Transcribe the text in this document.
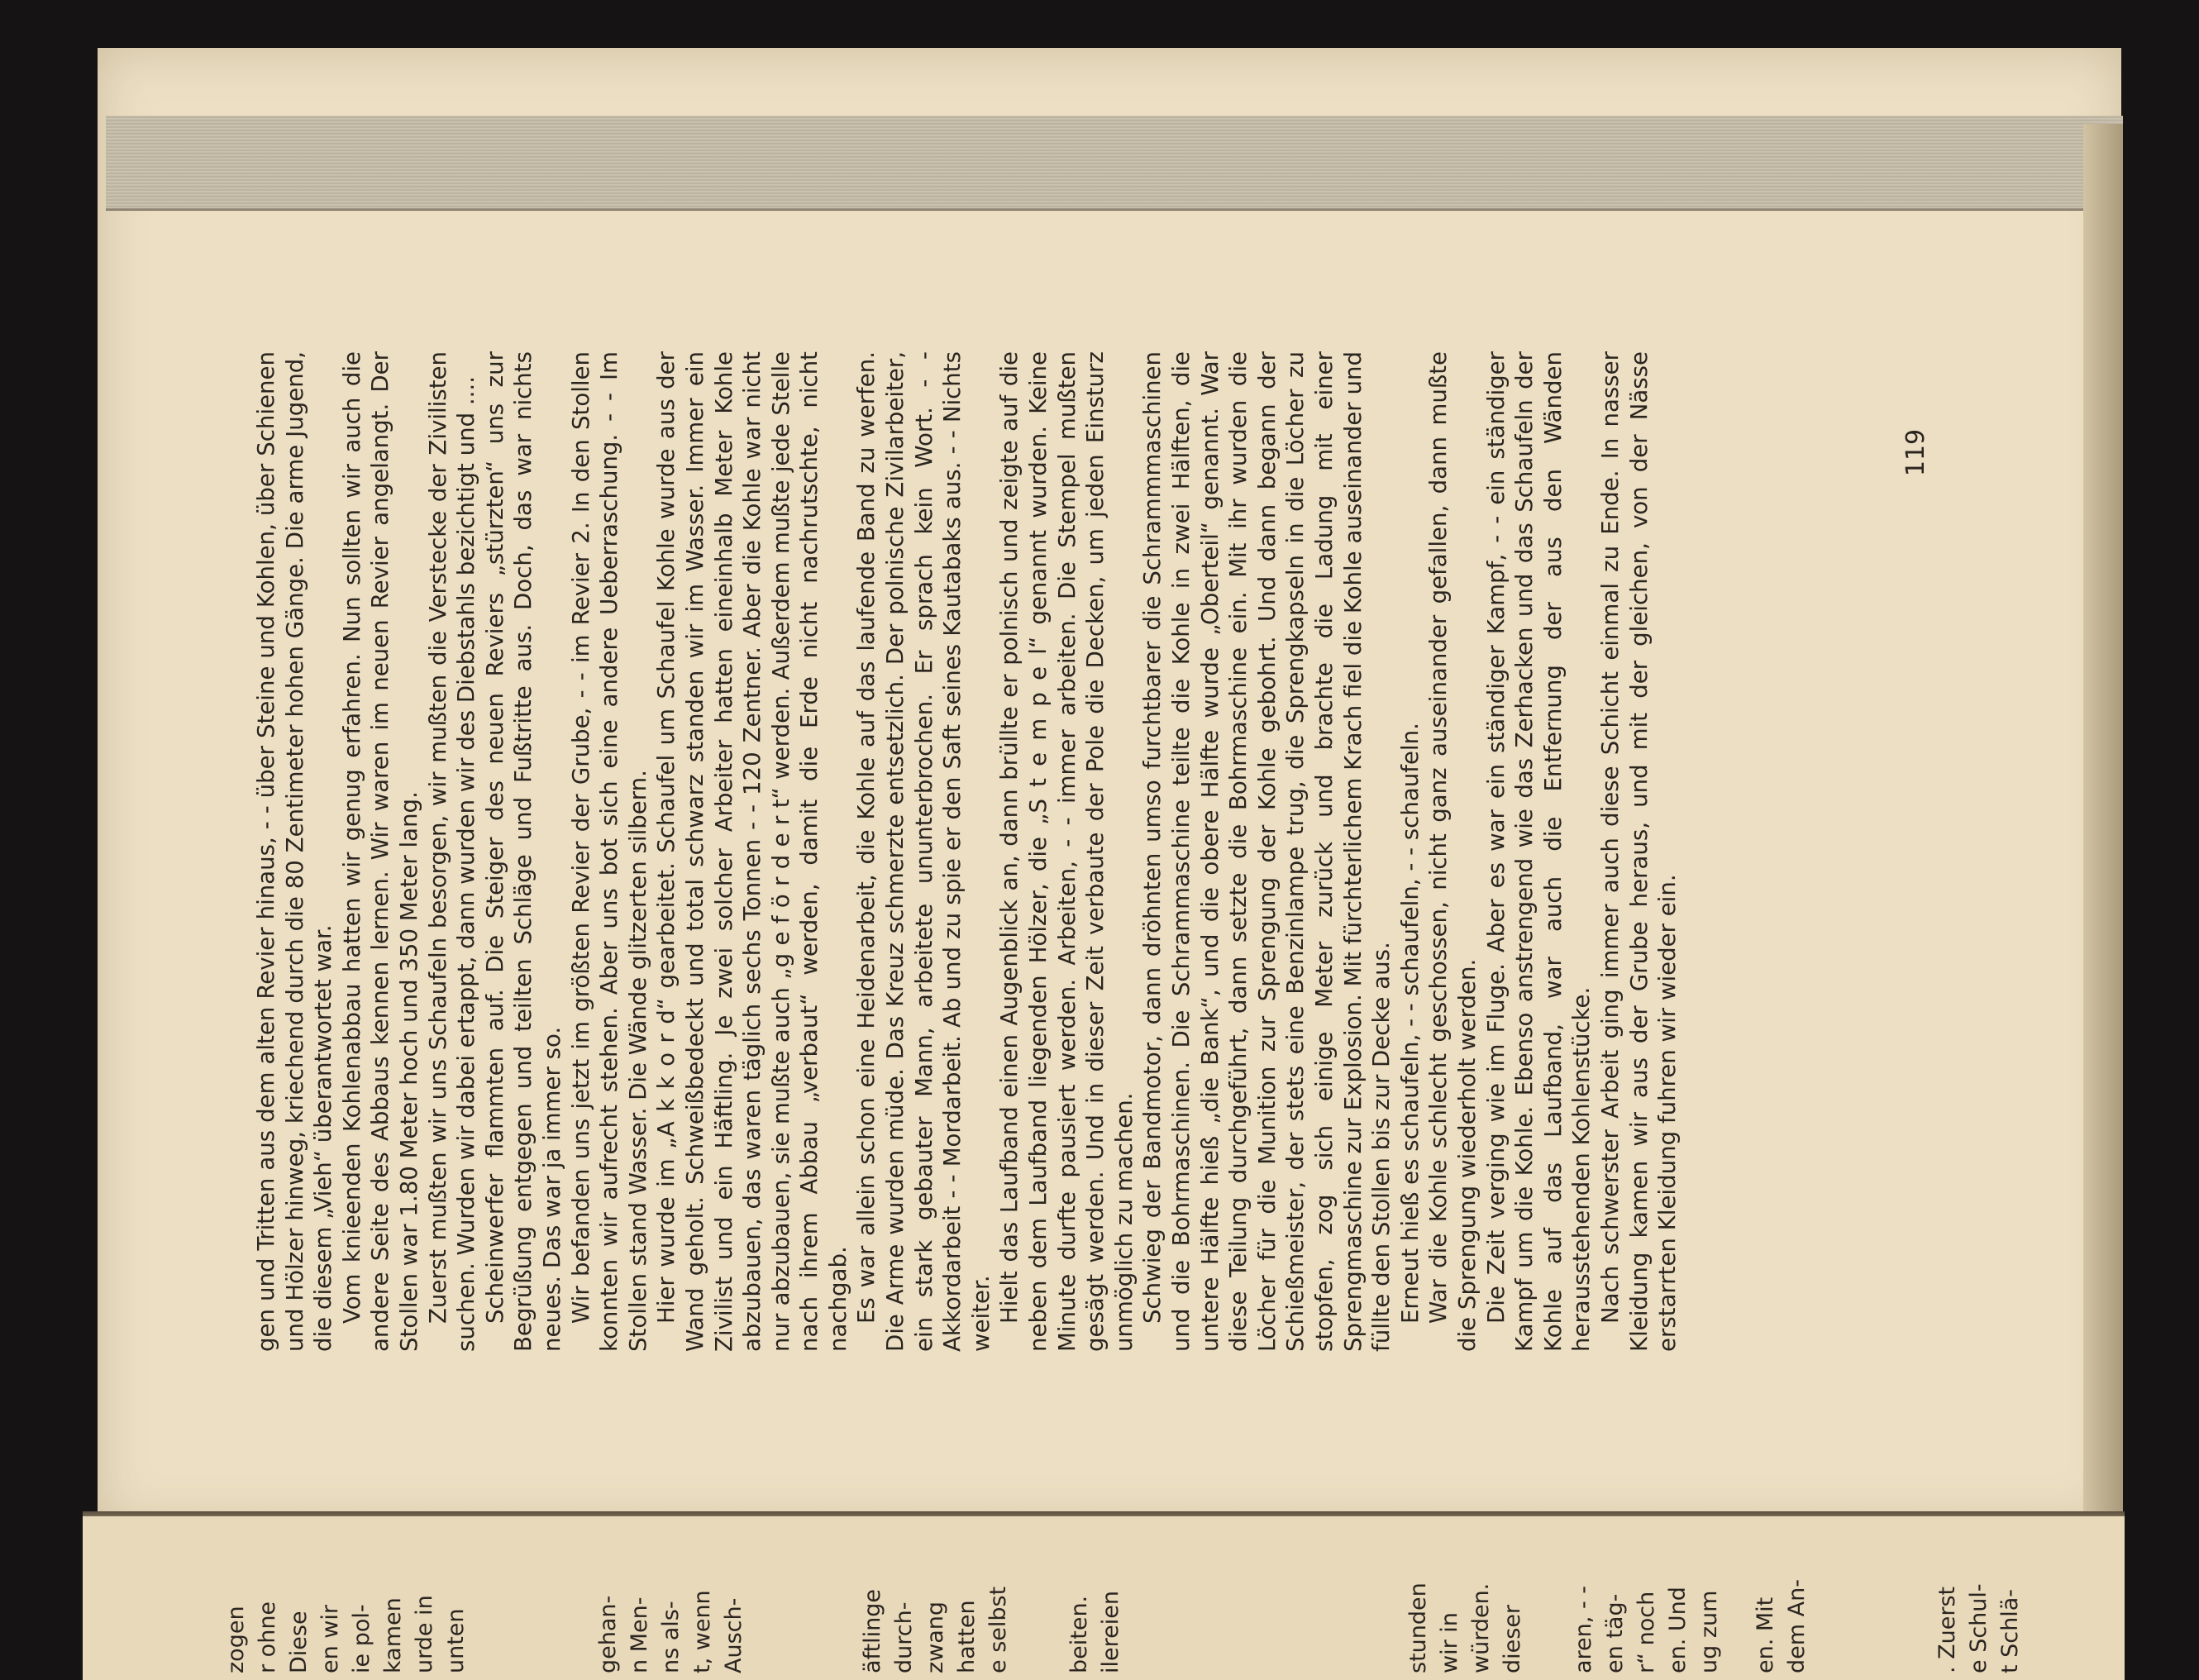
zogen r ohne Diese en wir ie pol- kamen urde in unten	gehan- n Men- ns als- t, wenn Ausch-	äftlinge durch- zwang hatten e selbst beiten. ilereien	stunden wir in würden. dieser aren, - - en täg- r“ noch en. Und ug zum en. Mit dem An-	. Zuerst e Schul- t Schlä-

gen und Tritten aus dem alten Revier hinaus, - - über Steine und Kohlen, über Schienen und Hölzer hinweg, kriechend durch die 80 Zentimeter hohen Gänge. Die arme Jugend, die diesem „Vieh“ überantwortet war. Vom knieenden Kohlenabbau hatten wir genug erfahren. Nun sollten wir auch die andere Seite des Abbaus kennen lernen. Wir waren im neuen Revier angelangt. Der Stollen war 1.80 Meter hoch und 350 Meter lang. Zuerst mußten wir uns Schaufeln besorgen, wir mußten die Verstecke der Zivilisten suchen. Wurden wir dabei ertappt, dann wurden wir des Diebstahls bezichtigt und .... Scheinwerfer flammten auf. Die Steiger des neuen Reviers „stürzten“ uns zur Begrüßung entgegen und teilten Schläge und Fußtritte aus. Doch, das war nichts neues. Das war ja immer so. Wir befanden uns jetzt im größten Revier der Grube, - - im Revier 2. In den Stollen konnten wir aufrecht stehen. Aber uns bot sich eine andere Ueberraschung. - - Im Stollen stand Wasser. Die Wände glitzerten silbern. Hier wurde im „A k k o r d“ gearbeitet. Schaufel um Schaufel Kohle wurde aus der Wand geholt. Schweißbedeckt und total schwarz standen wir im Wasser. Immer ein Zivilist und ein Häftling. Je zwei solcher Arbeiter hatten eineinhalb Meter Kohle abzubauen, das waren täglich sechs Tonnen - - 120 Zentner. Aber die Kohle war nicht nur abzubauen, sie mußte auch „g e f ö r d e r t“ werden. Außerdem mußte jede Stelle nach ihrem Abbau „verbaut“ werden, damit die Erde nicht nachrutschte, nicht nachgab. Es war allein schon eine Heidenarbeit, die Kohle auf das laufende Band zu werfen. Die Arme wurden müde. Das Kreuz schmerzte entsetzlich. Der polnische Zivilarbeiter, ein stark gebauter Mann, arbeitete ununterbrochen. Er sprach kein Wort. - - Akkordarbeit - - Mordarbeit. Ab und zu spie er den Saft seines Kautabaks aus. - - Nichts weiter. Hielt das Laufband einen Augenblick an, dann brüllte er polnisch und zeigte auf die neben dem Laufband liegenden Hölzer, die „S t e m p e l“ genannt wurden. Keine Minute durfte pausiert werden. Arbeiten, - - immer arbeiten. Die Stempel mußten gesägt werden. Und in dieser Zeit verbaute der Pole die Decken, um jeden Einsturz unmöglich zu machen. Schwieg der Bandmotor, dann dröhnten umso furchtbarer die Schrammmaschinen und die Bohrmaschinen. Die Schrammaschine teilte die Kohle in zwei Hälften, die untere Hälfte hieß „die Bank“, und die obere Hälfte wurde „Oberteil“ genannt. War diese Teilung durchgeführt, dann setzte die Bohrmaschine ein. Mit ihr wurden die Löcher für die Munition zur Sprengung der Kohle gebohrt. Und dann begann der Schießmeister, der stets eine Benzinlampe trug, die Sprengkapseln in die Löcher zu stopfen, zog sich einige Meter zurück und brachte die Ladung mit einer Sprengmaschine zur Explosion. Mit fürchterlichem Krach fiel die Kohle auseinander und füllte den Stollen bis zur Decke aus. Erneut hieß es schaufeln, - - schaufeln, - - schaufeln. War die Kohle schlecht geschossen, nicht ganz auseinander gefallen, dann mußte die Sprengung wiederholt werden. Die Zeit verging wie im Fluge. Aber es war ein ständiger Kampf, - - ein ständiger Kampf um die Kohle. Ebenso anstrengend wie das Zerhacken und das Schaufeln der Kohle auf das Laufband, war auch die Entfernung der aus den Wänden herausstehenden Kohlenstücke. Nach schwerster Arbeit ging immer auch diese Schicht einmal zu Ende. In nasser Kleidung kamen wir aus der Grube heraus, und mit der gleichen, von der Nässe erstarrten Kleidung fuhren wir wieder ein.

119
